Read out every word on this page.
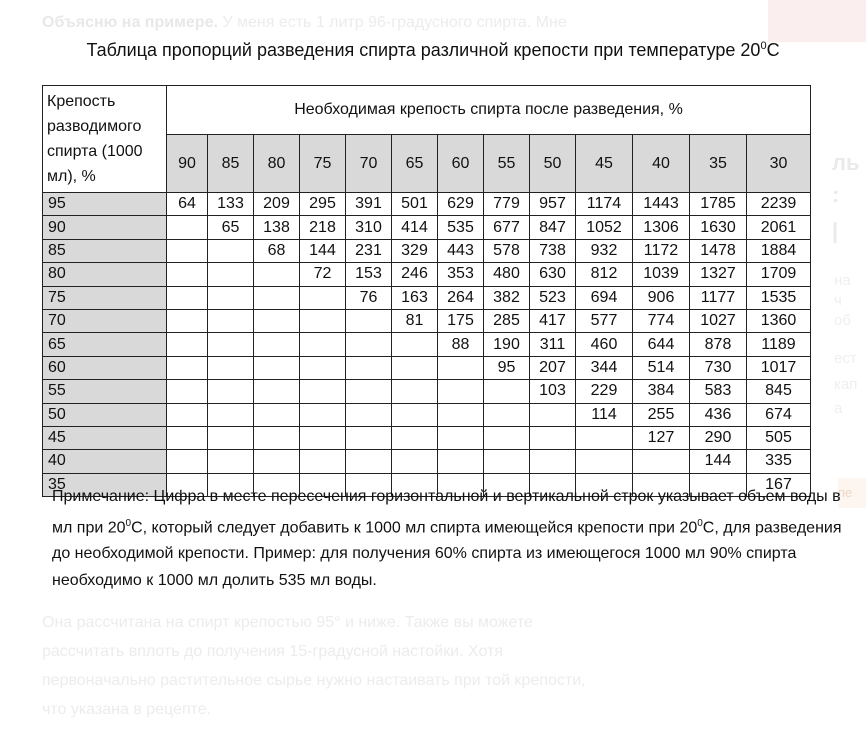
Объясню на примере. У меня есть 1 литр 96-градусного спирта. Мне
ль
:
|
на
ч
об
ест
кап
а
пе
Таблица пропорций разведения спирта различной крепости при температуре $20^0С$
Крепость разводимого спирта (1000 мл), %	Необходимая крепость спирта после разведения, %												
	90	85	80	75	70	65	60	55	50	45	40	35	30
95	64	133	209	295	391	501	629	779	957	1174	1443	1785	2239
90		65	138	218	310	414	535	677	847	1052	1306	1630	2061
85			68	144	231	329	443	578	738	932	1172	1478	1884
80				72	153	246	353	480	630	812	1039	1327	1709
75					76	163	264	382	523	694	906	1177	1535
70						81	175	285	417	577	774	1027	1360
65							88	190	311	460	644	878	1189
60								95	207	344	514	730	1017
55									103	229	384	583	845
50										114	255	436	674
45											127	290	505
40												144	335
35													167
Примечание: Цифра в месте пересечения горизонтальной и вертикальной строк указывает объем воды в мл при $20^0С$, который следует добавить к 1000 мл спирта имеющейся крепости при $20^0С$, для разведения до необходимой крепости. Пример: для получения 60% спирта из имеющегося 1000 мл 90% спирта необходимо к 1000 мл долить 535 мл воды.
Она рассчитана на спирт крепостью 95° и ниже. Также вы можете
рассчитать вплоть до получения 15-градусной настойки. Хотя
первоначально растительное сырье нужно настаивать при той крепости,
что указана в рецепте.
